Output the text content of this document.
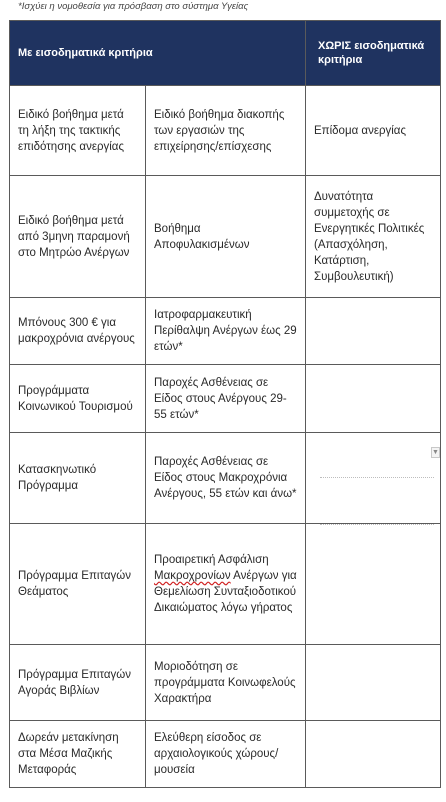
*Ισχύει η νομοθεσία για πρόσβαση στο σύστημα Υγείας
Με εισοδηματικά κριτήρια		ΧΩΡΙΣ εισοδηματικά κριτήρια
Ειδικό βοήθημα μετά τη λήξη της τακτικής επιδότησης ανεργίας	Ειδικό βοήθημα διακοπής των εργασιών της επιχείρησης/επίσχεσης	Επίδομα ανεργίας
Ειδικό βοήθημα μετά από 3μηνη παραμονή στο Μητρώο Ανέργων	Βοήθημα Αποφυλακισμένων	Δυνατότητα συμμετοχής σε Ενεργητικές Πολιτικές (Απασχόληση, Κατάρτιση, Συμβουλευτική)
Μπόνους 300 € για μακροχρόνια ανέργους	Ιατροφαρμακευτική Περίθαλψη Ανέργων έως 29 ετών*	
Προγράμματα Κοινωνικού Τουρισμού	Παροχές Ασθένειας σε Είδος στους Ανέργους 29-55 ετών*	
Κατασκηνωτικό Πρόγραμμα	Παροχές Ασθένειας σε Είδος στους Μακροχρόνια Ανέργους, 55 ετών και άνω*	
Πρόγραμμα Επιταγών Θεάματος	Προαιρετική Ασφάλιση Μακροχρονίων Ανέργων για Θεμελίωση Συνταξιοδοτικού Δικαιώματος λόγω γήρατος	
Πρόγραμμα Επιταγών Αγοράς Βιβλίων	Μοριοδότηση σε προγράμματα Κοινωφελούς Χαρακτήρα	
Δωρεάν μετακίνηση στα Μέσα Μαζικής Μεταφοράς	Ελεύθερη είσοδος σε αρχαιολογικούς χώρους/ μουσεία	
▼
